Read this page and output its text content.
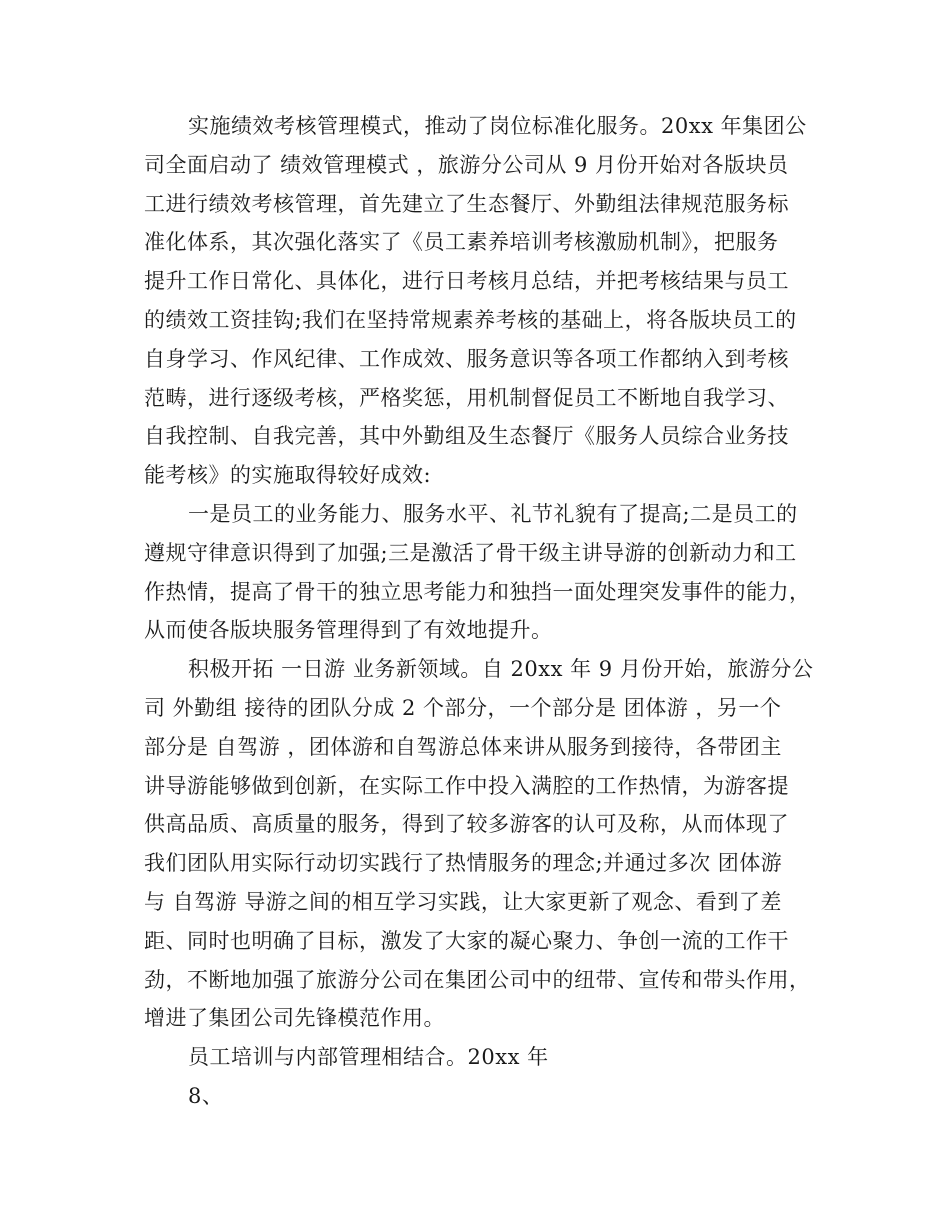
实施绩效考核管理模式，推动了岗位标准化服务。20xx 年集团公
司全面启动了 绩效管理模式 ，旅游分公司从 9 月份开始对各版块员
工进行绩效考核管理，首先建立了生态餐厅、外勤组法律规范服务标
准化体系，其次强化落实了《员工素养培训考核激励机制》，把服务
提升工作日常化、具体化，进行日考核月总结，并把考核结果与员工
的绩效工资挂钩;我们在坚持常规素养考核的基础上，将各版块员工的
自身学习、作风纪律、工作成效、服务意识等各项工作都纳入到考核
范畴，进行逐级考核，严格奖惩，用机制督促员工不断地自我学习、
自我控制、自我完善，其中外勤组及生态餐厅《服务人员综合业务技
能考核》的实施取得较好成效:
一是员工的业务能力、服务水平、礼节礼貌有了提高;二是员工的
遵规守律意识得到了加强;三是激活了骨干级主讲导游的创新动力和工
作热情，提高了骨干的独立思考能力和独挡一面处理突发事件的能力，
从而使各版块服务管理得到了有效地提升。
积极开拓 一日游 业务新领域。自 20xx 年 9 月份开始，旅游分公
司 外勤组 接待的团队分成 2 个部分，一个部分是 团体游 ，另一个
部分是 自驾游 ，团体游和自驾游总体来讲从服务到接待，各带团主
讲导游能够做到创新，在实际工作中投入满腔的工作热情，为游客提
供高品质、高质量的服务，得到了较多游客的认可及称，从而体现了
我们团队用实际行动切实践行了热情服务的理念;并通过多次 团体游
与 自驾游 导游之间的相互学习实践，让大家更新了观念、看到了差
距、同时也明确了目标，激发了大家的凝心聚力、争创一流的工作干
劲，不断地加强了旅游分公司在集团公司中的纽带、宣传和带头作用，
增进了集团公司先锋模范作用。
员工培训与内部管理相结合。20xx 年
8、
